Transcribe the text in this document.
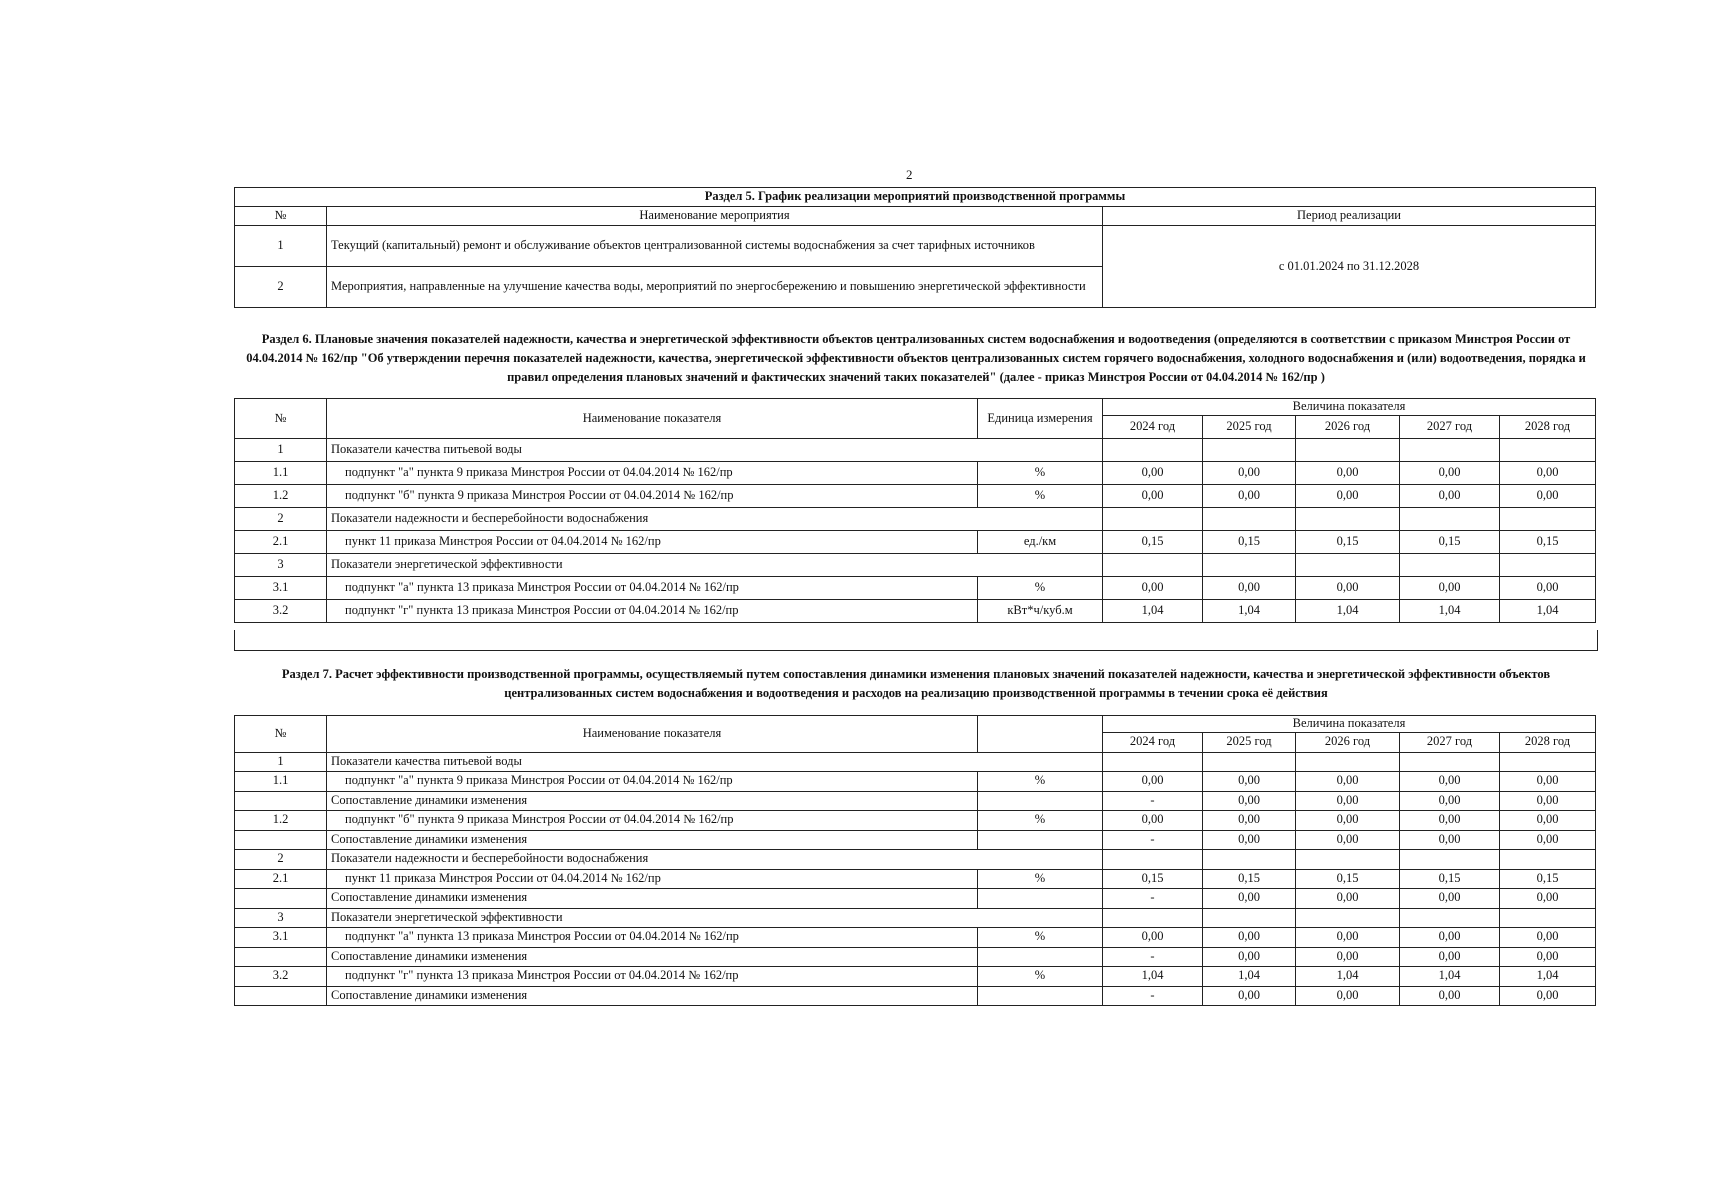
2
Раздел 5. График реализации мероприятий производственной программы		
№	Наименование мероприятия	Период реализации
1	Текущий (капитальный) ремонт и обслуживание объектов централизованной системы водоснабжения за счет тарифных источников	с 01.01.2024 по 31.12.2028
2	Мероприятия, направленные на улучшение качества воды, мероприятий по энергосбережению и повышению энергетической эффективности	
Раздел 6. Плановые значения показателей надежности, качества и энергетической эффективности объектов централизованных систем водоснабжения и водоотведения (определяются в соответствии с приказом Минстроя России от 04.04.2014 № 162/пр "Об утверждении перечня показателей надежности, качества, энергетической эффективности объектов централизованных систем горячего водоснабжения, холодного водоснабжения и (или) водоотведения, порядка и правил определения плановых значений и фактических значений таких показателей" (далее - приказ Минстроя России от 04.04.2014 № 162/пр )
№	Наименование показателя	Единица измерения	Величина показателя				
			2024 год	2025 год	2026 год	2027 год	2028 год
1	Показатели качества питьевой воды						
1.1	подпункт "а" пункта 9 приказа Минстроя России от 04.04.2014 № 162/пр	%	0,00	0,00	0,00	0,00	0,00
1.2	подпункт "б" пункта 9 приказа Минстроя России от 04.04.2014 № 162/пр	%	0,00	0,00	0,00	0,00	0,00
2	Показатели надежности и бесперебойности водоснабжения						
2.1	пункт 11 приказа Минстроя России от 04.04.2014 № 162/пр	ед./км	0,15	0,15	0,15	0,15	0,15
3	Показатели энергетической эффективности						
3.1	подпункт "а" пункта 13 приказа Минстроя России от 04.04.2014 № 162/пр	%	0,00	0,00	0,00	0,00	0,00
3.2	подпункт "г" пункта 13 приказа Минстроя России от 04.04.2014 № 162/пр	кВт*ч/куб.м	1,04	1,04	1,04	1,04	1,04
Раздел 7. Расчет эффективности производственной программы, осуществляемый путем сопоставления динамики изменения плановых значений показателей надежности, качества и энергетической эффективности объектов централизованных систем водоснабжения и водоотведения и расходов на реализацию производственной программы в течении срока её действия
№	Наименование показателя		Величина показателя				
			2024 год	2025 год	2026 год	2027 год	2028 год
1	Показатели качества питьевой воды						
1.1	подпункт "а" пункта 9 приказа Минстроя России от 04.04.2014 № 162/пр	%	0,00	0,00	0,00	0,00	0,00
	Сопоставление динамики изменения		-	0,00	0,00	0,00	0,00
1.2	подпункт "б" пункта 9 приказа Минстроя России от 04.04.2014 № 162/пр	%	0,00	0,00	0,00	0,00	0,00
	Сопоставление динамики изменения		-	0,00	0,00	0,00	0,00
2	Показатели надежности и бесперебойности водоснабжения						
2.1	пункт 11 приказа Минстроя России от 04.04.2014 № 162/пр	%	0,15	0,15	0,15	0,15	0,15
	Сопоставление динамики изменения		-	0,00	0,00	0,00	0,00
3	Показатели энергетической эффективности						
3.1	подпункт "а" пункта 13 приказа Минстроя России от 04.04.2014 № 162/пр	%	0,00	0,00	0,00	0,00	0,00
	Сопоставление динамики изменения		-	0,00	0,00	0,00	0,00
3.2	подпункт "г" пункта 13 приказа Минстроя России от 04.04.2014 № 162/пр	%	1,04	1,04	1,04	1,04	1,04
	Сопоставление динамики изменения		-	0,00	0,00	0,00	0,00
